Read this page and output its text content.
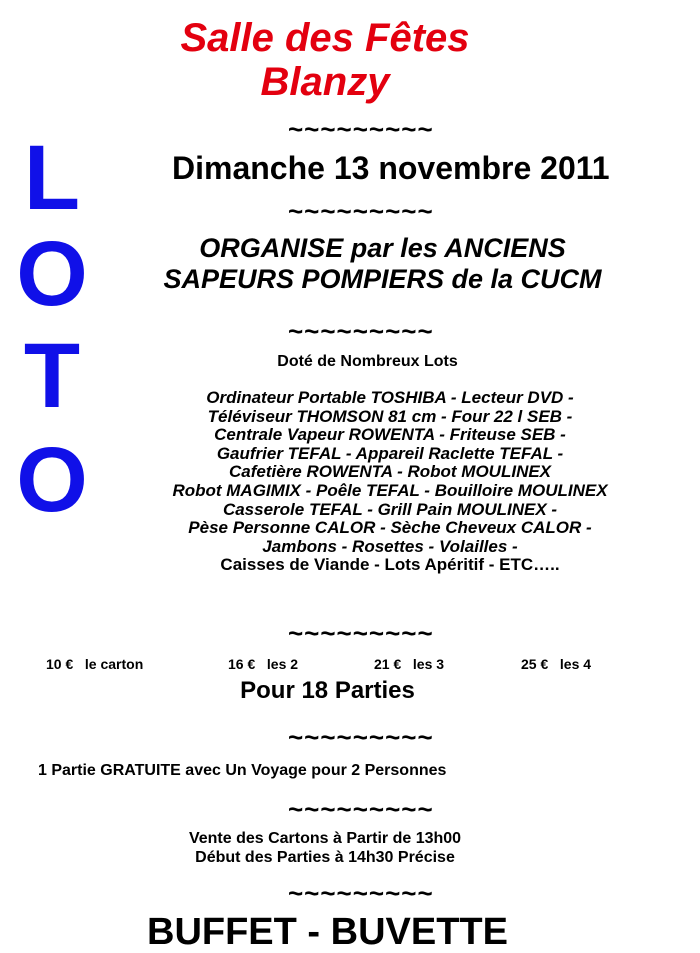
Salle des Fêtes
Blanzy
~~~~~~~~~
~~~~~~~~~
~~~~~~~~~
~~~~~~~~~
~~~~~~~~~
~~~~~~~~~
~~~~~~~~~
L
O
T
O
Dimanche 13 novembre 2011
ORGANISE par les ANCIENS
SAPEURS POMPIERS de la CUCM
Doté de Nombreux Lots
Ordinateur Portable TOSHIBA - Lecteur DVD -
Téléviseur THOMSON 81 cm - Four 22 l SEB -
Centrale Vapeur ROWENTA - Friteuse SEB -
Gaufrier TEFAL - Appareil Raclette TEFAL -
Cafetière ROWENTA - Robot MOULINEX
Robot MAGIMIX - Poêle TEFAL - Bouilloire MOULINEX
Casserole TEFAL - Grill Pain MOULINEX -
Pèse Personne CALOR - Sèche Cheveux CALOR -
Jambons - Rosettes - Volailles -
Caisses de Viande - Lots Apéritif - ETC…..
10 € le carton	16 € les 2	21 € les 3	25 € les 4
Pour 18 Parties
1 Partie GRATUITE avec Un Voyage pour 2 Personnes
Vente des Cartons à Partir de 13h00
Début des Parties à 14h30 Précise
BUFFET - BUVETTE
